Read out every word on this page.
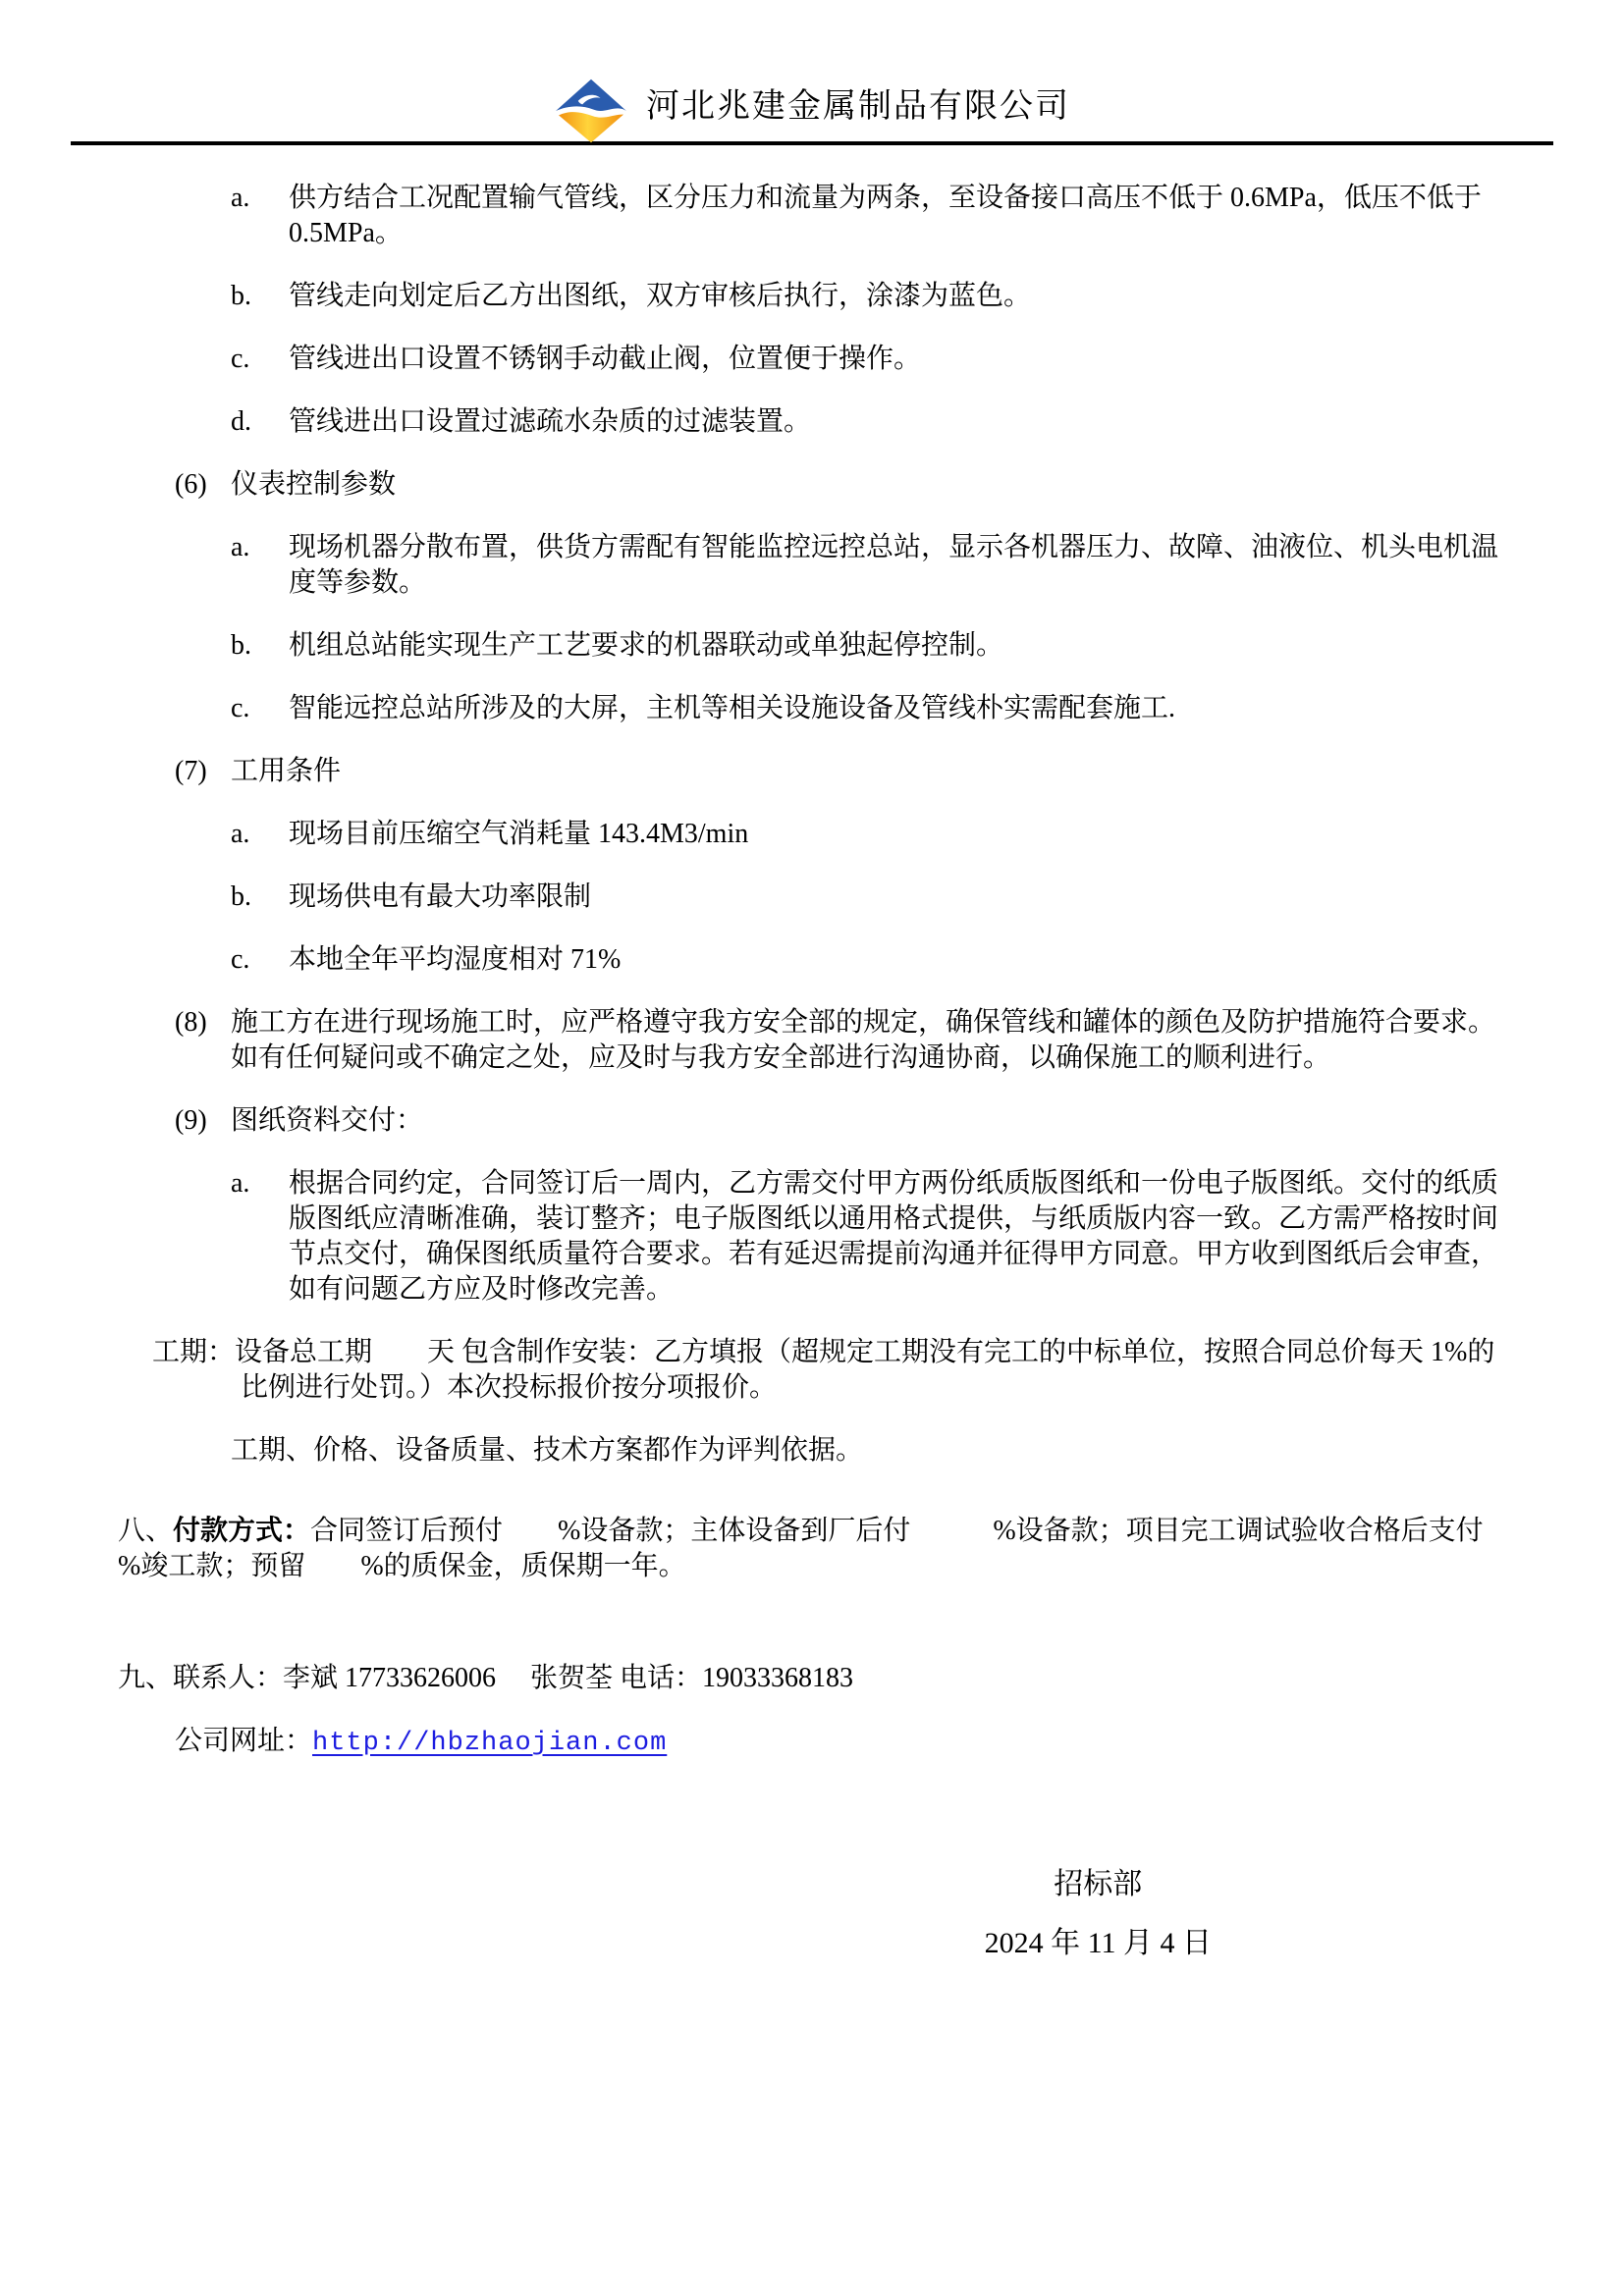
河北兆建金属制品有限公司
a. 供方结合工况配置输气管线，区分压力和流量为两条，至设备接口高压不低于 0.6MPa，低压不低于 0.5MPa。
b. 管线走向划定后乙方出图纸，双方审核后执行，涂漆为蓝色。
c. 管线进出口设置不锈钢手动截止阀，位置便于操作。
d. 管线进出口设置过滤疏水杂质的过滤装置。
(6) 仪表控制参数
a. 现场机器分散布置，供货方需配有智能监控远控总站，显示各机器压力、故障、油液位、机头电机温度等参数。
b. 机组总站能实现生产工艺要求的机器联动或单独起停控制。
c. 智能远控总站所涉及的大屏，主机等相关设施设备及管线朴实需配套施工.
(7) 工用条件
a. 现场目前压缩空气消耗量 143.4M3/min
b. 现场供电有最大功率限制
c. 本地全年平均湿度相对 71%
(8) 施工方在进行现场施工时，应严格遵守我方安全部的规定，确保管线和罐体的颜色及防护措施符合要求。如有任何疑问或不确定之处，应及时与我方安全部进行沟通协商，以确保施工的顺利进行。
(9) 图纸资料交付：
a. 根据合同约定，合同签订后一周内，乙方需交付甲方两份纸质版图纸和一份电子版图纸。交付的纸质版图纸应清晰准确，装订整齐；电子版图纸以通用格式提供，与纸质版内容一致。乙方需严格按时间节点交付，确保图纸质量符合要求。若有延迟需提前沟通并征得甲方同意。甲方收到图纸后会审查，如有问题乙方应及时修改完善。
工期：设备总工期　　天 包含制作安装：乙方填报（超规定工期没有完工的中标单位，按照合同总价每天 1%的比例进行处罚。）本次投标报价按分项报价。
工期、价格、设备质量、技术方案都作为评判依据。
八、付款方式：合同签订后预付　　%设备款；主体设备到厂后付　　　%设备款；项目完工调试验收合格后支付　　%竣工款；预留　　%的质保金，质保期一年。
九、联系人：李斌 17733626006　 张贺荃 电话：19033368183
公司网址：http://hbzhaojian.com
招标部
2024 年 11 月 4 日
